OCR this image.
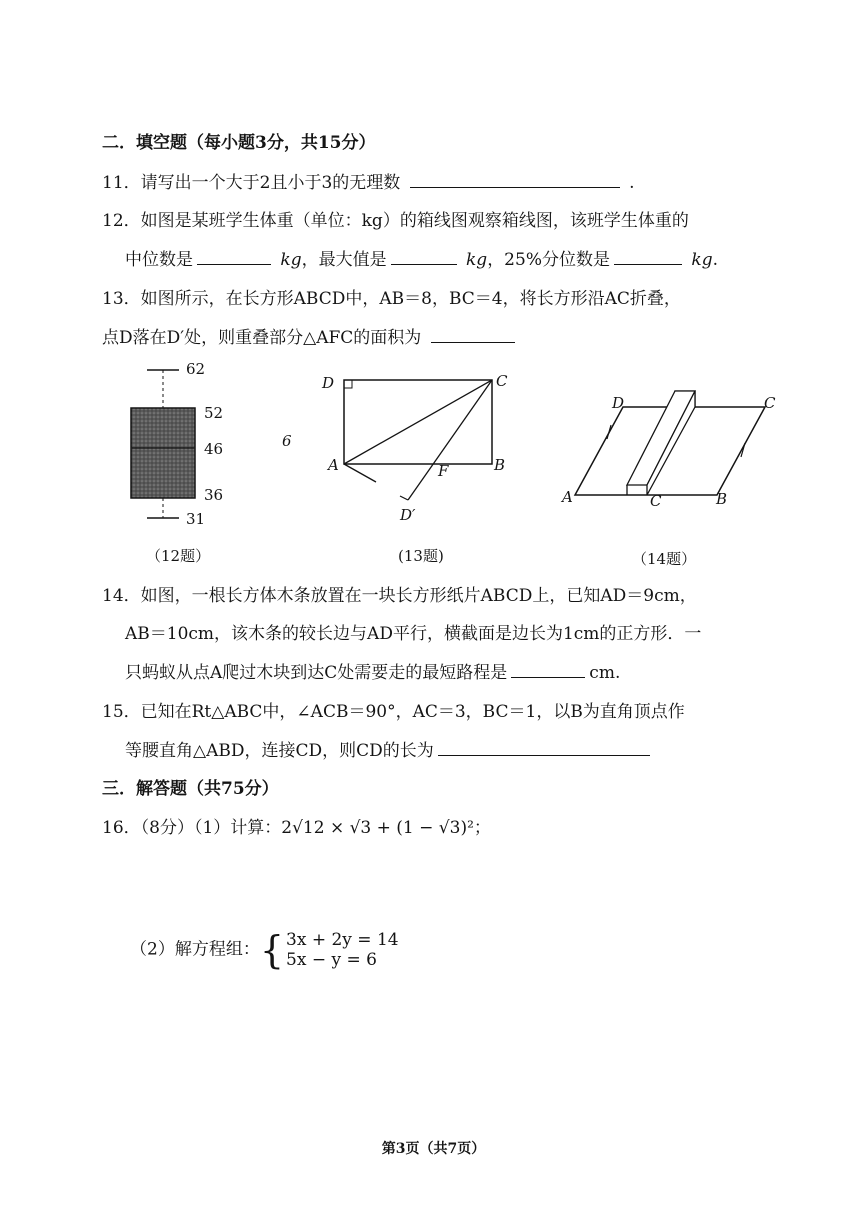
二．填空题（每小题3分，共15分）
11．请写出一个大于2且小于3的无理数	.
12．如图是某班学生体重（单位：kg）的箱线图观察箱线图，该班学生体重的
中位数是	kg，最大值是	kg，25%分位数是	kg.
13．如图所示，在长方形ABCD中，AB＝8，BC＝4，将长方形沿AC折叠，
点D落在D′处，则重叠部分△AFC的面积为
62
52
46
36
31
（12题）
D	C
A	B
F
D′
6
(13题)
D	C
A	B
C
（14题）
14．如图，一根长方体木条放置在一块长方形纸片ABCD上，已知AD＝9cm，
AB＝10cm，该木条的较长边与AD平行，横截面是边长为1cm的正方形．一
只蚂蚁从点A爬过木块到达C处需要走的最短路程是	cm.
15．已知在Rt△ABC中，∠ACB＝90°，AC＝3，BC＝1，以B为直角顶点作
等腰直角△ABD，连接CD，则CD的长为
三．解答题（共75分）
16．（8分）（1）计算：2√12 × √3 + (1 − √3)²；
（2）解方程组：{ 3x + 2y = 14
5x − y = 6
第3页（共7页）
